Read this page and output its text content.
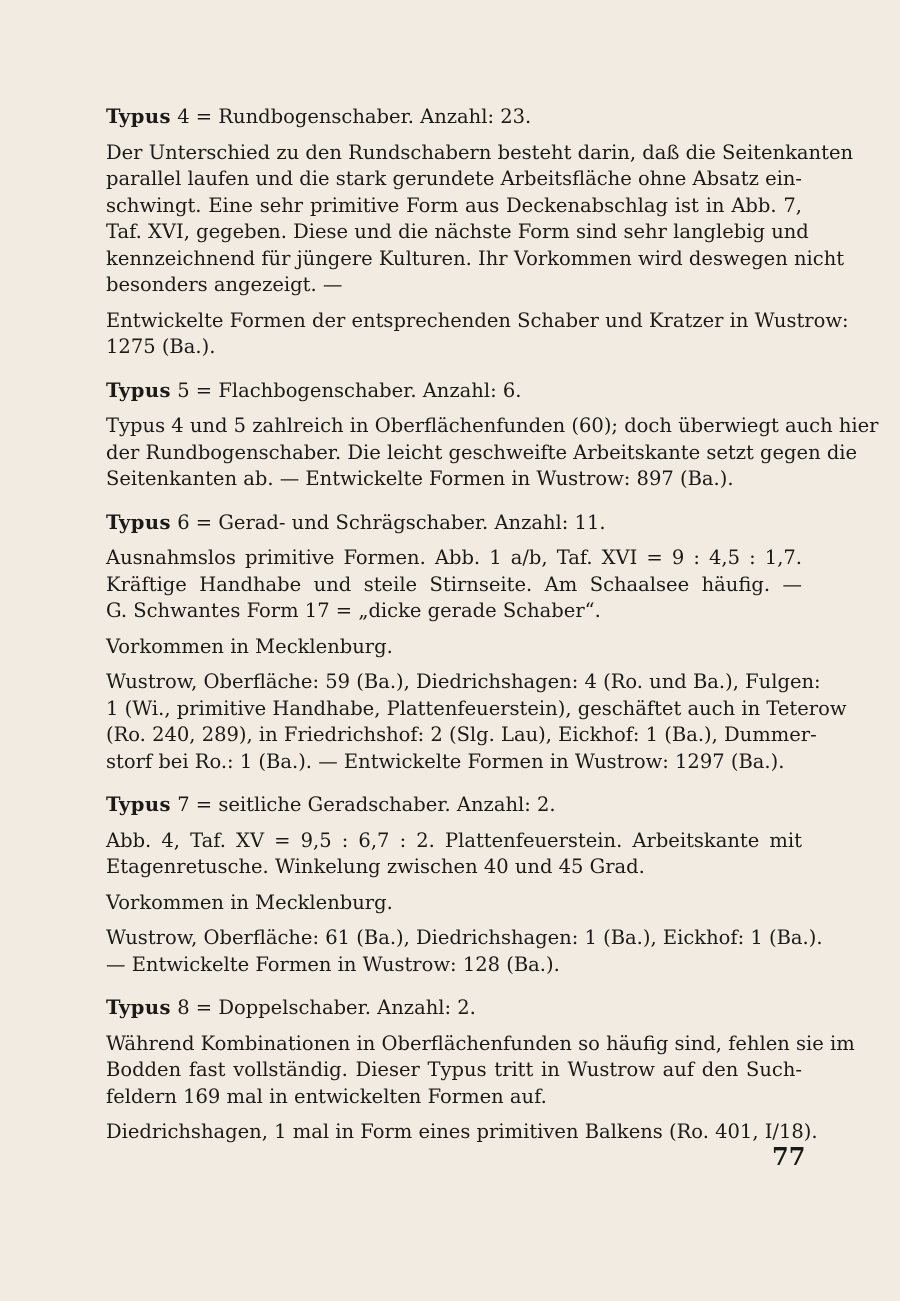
Typus 4 = Rundbogenschaber. Anzahl: 23.
Der Unterschied zu den Rundschabern besteht darin, daß die Seitenkanten
parallel laufen und die stark gerundete Arbeitsfläche ohne Absatz ein-
schwingt. Eine sehr primitive Form aus Deckenabschlag ist in Abb. 7,
Taf. XVI, gegeben. Diese und die nächste Form sind sehr langlebig und
kennzeichnend für jüngere Kulturen. Ihr Vorkommen wird deswegen nicht
besonders angezeigt. —
Entwickelte Formen der entsprechenden Schaber und Kratzer in Wustrow:
1275 (Ba.).
Typus 5 = Flachbogenschaber. Anzahl: 6.
Typus 4 und 5 zahlreich in Oberflächenfunden (60); doch überwiegt auch hier
der Rundbogenschaber. Die leicht geschweifte Arbeitskante setzt gegen die
Seitenkanten ab. — Entwickelte Formen in Wustrow: 897 (Ba.).
Typus 6 = Gerad- und Schrägschaber. Anzahl: 11.
Ausnahmslos primitive Formen. Abb. 1 a/b, Taf. XVI = 9 : 4,5 : 1,7.
Kräftige Handhabe und steile Stirnseite. Am Schaalsee häufig. —
G. Schwantes Form 17 = „dicke gerade Schaber“.
Vorkommen in Mecklenburg.
Wustrow, Oberfläche: 59 (Ba.), Diedrichshagen: 4 (Ro. und Ba.), Fulgen:
1 (Wi., primitive Handhabe, Plattenfeuerstein), geschäftet auch in Teterow
(Ro. 240, 289), in Friedrichshof: 2 (Slg. Lau), Eickhof: 1 (Ba.), Dummer-
storf bei Ro.: 1 (Ba.). — Entwickelte Formen in Wustrow: 1297 (Ba.).
Typus 7 = seitliche Geradschaber. Anzahl: 2.
Abb. 4, Taf. XV = 9,5 : 6,7 : 2. Plattenfeuerstein. Arbeitskante mit
Etagenretusche. Winkelung zwischen 40 und 45 Grad.
Vorkommen in Mecklenburg.
Wustrow, Oberfläche: 61 (Ba.), Diedrichshagen: 1 (Ba.), Eickhof: 1 (Ba.).
— Entwickelte Formen in Wustrow: 128 (Ba.).
Typus 8 = Doppelschaber. Anzahl: 2.
Während Kombinationen in Oberflächenfunden so häufig sind, fehlen sie im
Bodden fast vollständig. Dieser Typus tritt in Wustrow auf den Such-
feldern 169 mal in entwickelten Formen auf.
Diedrichshagen, 1 mal in Form eines primitiven Balkens (Ro. 401, I/18).
77
